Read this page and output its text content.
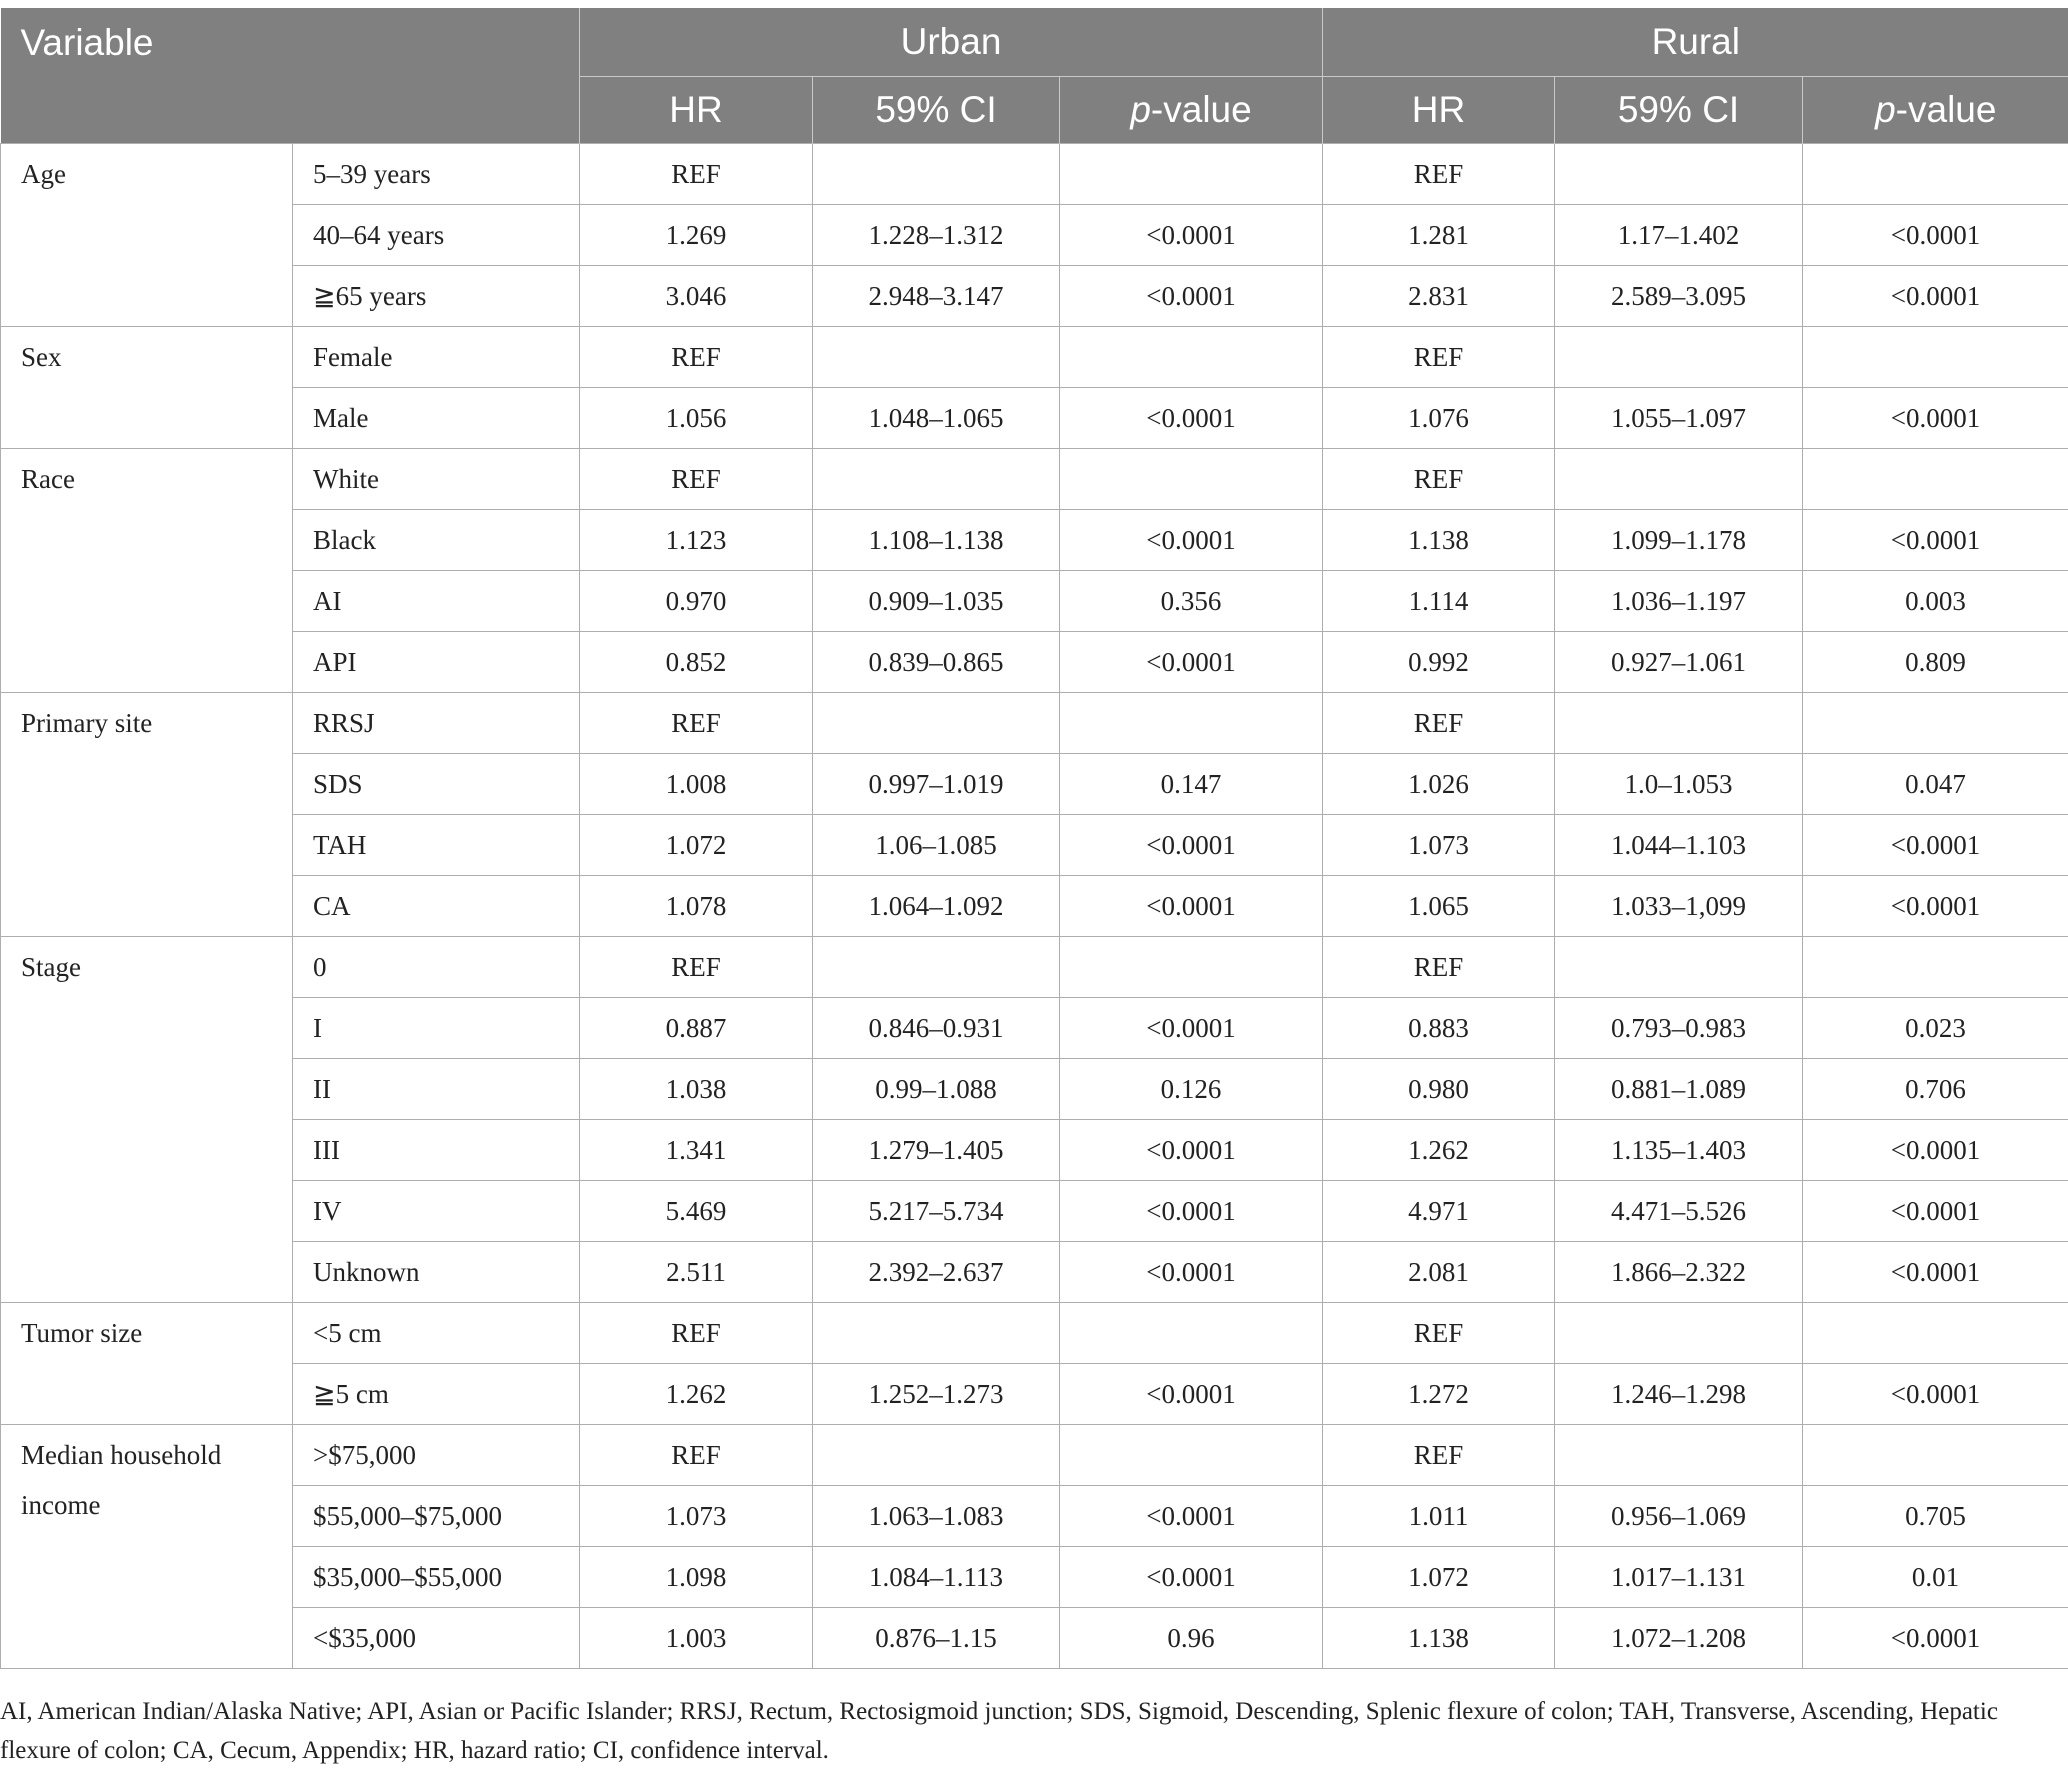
Variable		Urban			Rural		
		HR	59% CI	p-value	HR	59% CI	p-value
Age	5–39 years	REF			REF		
	40–64 years	1.269	1.228–1.312	<0.0001	1.281	1.17–1.402	<0.0001
	≧65 years	3.046	2.948–3.147	<0.0001	2.831	2.589–3.095	<0.0001
Sex	Female	REF			REF		
	Male	1.056	1.048–1.065	<0.0001	1.076	1.055–1.097	<0.0001
Race	White	REF			REF		
	Black	1.123	1.108–1.138	<0.0001	1.138	1.099–1.178	<0.0001
	AI	0.970	0.909–1.035	0.356	1.114	1.036–1.197	0.003
	API	0.852	0.839–0.865	<0.0001	0.992	0.927–1.061	0.809
Primary site	RRSJ	REF			REF		
	SDS	1.008	0.997–1.019	0.147	1.026	1.0–1.053	0.047
	TAH	1.072	1.06–1.085	<0.0001	1.073	1.044–1.103	<0.0001
	CA	1.078	1.064–1.092	<0.0001	1.065	1.033–1,099	<0.0001
Stage	0	REF			REF		
	I	0.887	0.846–0.931	<0.0001	0.883	0.793–0.983	0.023
	II	1.038	0.99–1.088	0.126	0.980	0.881–1.089	0.706
	III	1.341	1.279–1.405	<0.0001	1.262	1.135–1.403	<0.0001
	IV	5.469	5.217–5.734	<0.0001	4.971	4.471–5.526	<0.0001
	Unknown	2.511	2.392–2.637	<0.0001	2.081	1.866–2.322	<0.0001
Tumor size	<5 cm	REF			REF		
	≧5 cm	1.262	1.252–1.273	<0.0001	1.272	1.246–1.298	<0.0001
Median household income	>$75,000	REF			REF		
	$55,000–$75,000	1.073	1.063–1.083	<0.0001	1.011	0.956–1.069	0.705
	$35,000–$55,000	1.098	1.084–1.113	<0.0001	1.072	1.017–1.131	0.01
	<$35,000	1.003	0.876–1.15	0.96	1.138	1.072–1.208	<0.0001

AI, American Indian/Alaska Native; API, Asian or Pacific Islander; RRSJ, Rectum, Rectosigmoid junction; SDS, Sigmoid, Descending, Splenic flexure of colon; TAH, Transverse, Ascending, Hepatic flexure of colon; CA, Cecum, Appendix; HR, hazard ratio; CI, confidence interval.
